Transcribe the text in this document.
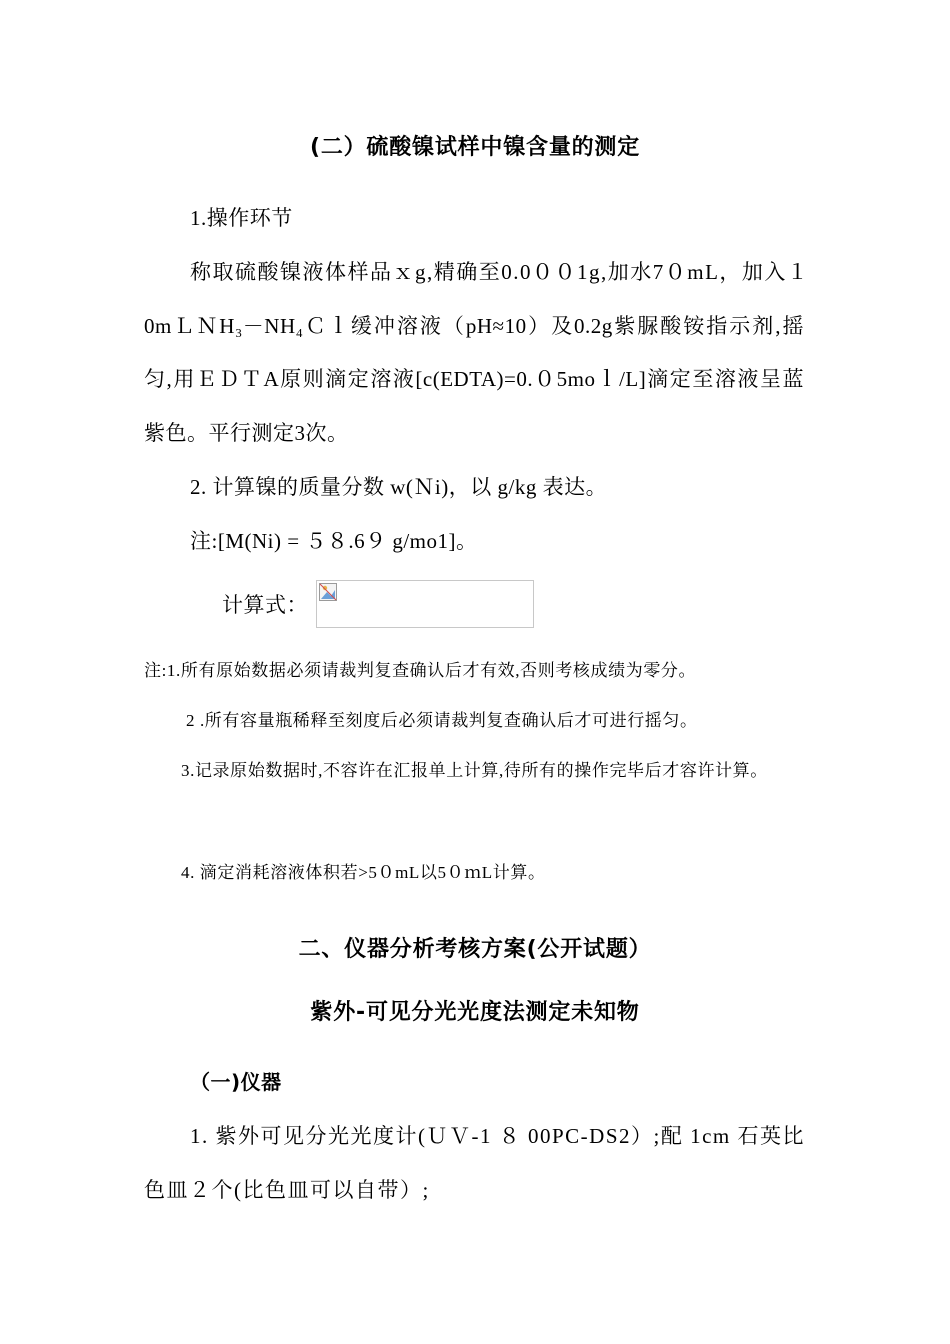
(二）硫酸镍试样中镍含量的测定
1.操作环节
称取硫酸镍液体样品ｘg,精确至0.0００1g,加水7０mL，加入１
0mＬＮH₃－NH₄Ｃｌ缓冲溶液（pH≈10）及0.2g紫脲酸铵指示剂,摇
匀,用ＥＤＴA原则滴定溶液[c(EDTA)=0.０5moｌ/L]滴定至溶液呈蓝
紫色。平行测定3次。
2. 计算镍的质量分数 w(Ｎi)，以 g/kg 表达。
注:[M(Ni) = ５８.6９ g/mo1]。
计算式：
注:1.所有原始数据必须请裁判复查确认后才有效,否则考核成绩为零分。
2 .所有容量瓶稀释至刻度后必须请裁判复查确认后才可进行摇匀。
3.记录原始数据时,不容许在汇报单上计算,待所有的操作完毕后才容许计算。
4. 滴定消耗溶液体积若>5０mL以5０ｍL计算。
二、仪器分析考核方案(公开试题）
紫外-可见分光光度法测定未知物
（一)仪器
1. 紫外可见分光光度计(ＵＶ-1 ８ 00PC-DS2）;配 1cm 石英比
色皿２个(比色皿可以自带）;
